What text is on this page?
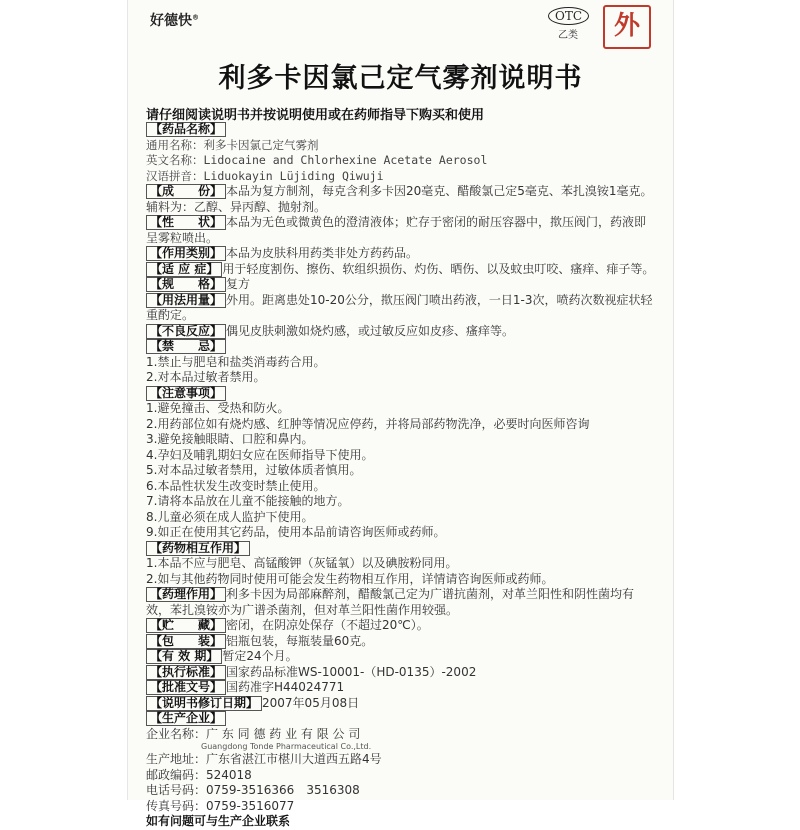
好德快®	OTC
乙类	外
利多卡因氯己定气雾剂说明书
请仔细阅读说明书并按说明使用或在药师指导下购买和使用
【药品名称】
通用名称：利多卡因氯己定气雾剂
英文名称：Lidocaine and Chlorhexine Acetate Aerosol
汉语拼音：Liduokayin Lüjiding Qiwuji
【成　　份】 本品为复方制剂，每克含利多卡因20毫克、醋酸氯己定5毫克、苯扎溴铵1毫克。辅料为：乙醇、异丙醇、抛射剂。
【性　　状】 本品为无色或微黄色的澄清液体；贮存于密闭的耐压容器中，揿压阀门，药液即呈雾粒喷出。
【作用类别】 本品为皮肤科用药类非处方药药品。
【适 应 症】 用于轻度割伤、擦伤、软组织损伤、灼伤、晒伤、以及蚊虫叮咬、瘙痒、痱子等。
【规　　格】 复方
【用法用量】 外用。距离患处10-20公分，揿压阀门喷出药液，一日1-3次，喷药次数视症状轻重酌定。
【不良反应】 偶见皮肤刺激如烧灼感，或过敏反应如皮疹、瘙痒等。
【禁　　忌】
1.禁止与肥皂和盐类消毒药合用。
2.对本品过敏者禁用。
【注意事项】
1.避免撞击、受热和防火。
2.用药部位如有烧灼感、红肿等情况应停药，并将局部药物洗净，必要时向医师咨询
3.避免接触眼睛、口腔和鼻内。
4.孕妇及哺乳期妇女应在医师指导下使用。
5.对本品过敏者禁用，过敏体质者慎用。
6.本品性状发生改变时禁止使用。
7.请将本品放在儿童不能接触的地方。
8.儿童必须在成人监护下使用。
9.如正在使用其它药品，使用本品前请咨询医师或药师。
【药物相互作用】
1.本品不应与肥皂、高锰酸钾（灰锰氧）以及碘胺粉同用。
2.如与其他药物同时使用可能会发生药物相互作用，详情请咨询医师或药师。
【药理作用】 利多卡因为局部麻醉剂，醋酸氯己定为广谱抗菌剂，对革兰阳性和阴性菌均有效，苯扎溴铵亦为广谱杀菌剂，但对革兰阳性菌作用较强。
【贮　　藏】 密闭，在阴凉处保存（不超过20℃）。
【包　　装】 铝瓶包装，每瓶装量60克。
【有 效 期】 暂定24个月。
【执行标准】 国家药品标准WS-10001-（HD-0135）-2002
【批准文号】 国药准字H44024771
【说明书修订日期】 2007年05月08日
【生产企业】
企业名称：广 东 同 德 药 业 有 限 公 司
Guangdong Tonde Pharmaceutical Co.,Ltd.
生产地址：广东省湛江市椹川大道西五路4号
邮政编码：524018
电话号码：0759-3516366　3516308
传真号码：0759-3516077
如有问题可与生产企业联系
